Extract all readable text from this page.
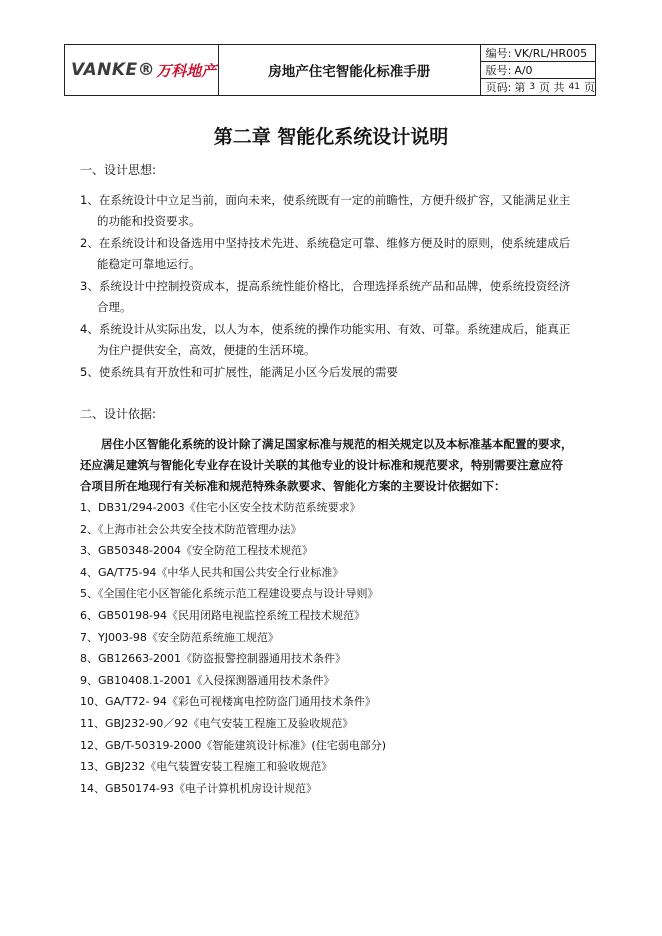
VANKE® 万科地产	房地产住宅智能化标准手册
编号: VK/RL/HR005
版号: A/0
页码: 第 3 页 共 41 页
第二章 智能化系统设计说明
一、设计思想:
1、在系统设计中立足当前，面向未来，使系统既有一定的前瞻性，方便升级扩容，又能满足业主
的功能和投资要求。
2、在系统设计和设备选用中坚持技术先进、系统稳定可靠、维修方便及时的原则，使系统建成后
能稳定可靠地运行。
3、系统设计中控制投资成本，提高系统性能价格比，合理选择系统产品和品牌，使系统投资经济
合理。
4、系统设计从实际出发，以人为本，使系统的操作功能实用、有效、可靠。系统建成后，能真正
为住户提供安全，高效，便捷的生活环境。
5、使系统具有开放性和可扩展性，能满足小区今后发展的需要
二、设计依据:
居住小区智能化系统的设计除了满足国家标准与规范的相关规定以及本标准基本配置的要求，
还应满足建筑与智能化专业存在设计关联的其他专业的设计标准和规范要求，特别需要注意应符
合项目所在地现行有关标准和规范特殊条款要求、智能化方案的主要设计依据如下：
1、DB31/294-2003《住宅小区安全技术防范系统要求》
2、《上海市社会公共安全技术防范管理办法》
3、GB50348-2004《安全防范工程技术规范》
4、GA/T75-94《中华人民共和国公共安全行业标准》
5、《全国住宅小区智能化系统示范工程建设要点与设计导则》
6、GB50198-94《民用闭路电视监控系统工程技术规范》
7、YJ003-98《安全防范系统施工规范》
8、GB12663-2001《防盗报警控制器通用技术条件》
9、GB10408.1-2001《入侵探测器通用技术条件》
10、GA/T72- 94《彩色可视楼寓电控防盗门通用技术条件》
11、GBJ232-90／92《电气安装工程施工及验收规范》
12、GB/T-50319-2000《智能建筑设计标准》(住宅弱电部分)
13、GBJ232《电气装置安装工程施工和验收规范》
14、GB50174-93《电子计算机机房设计规范》
